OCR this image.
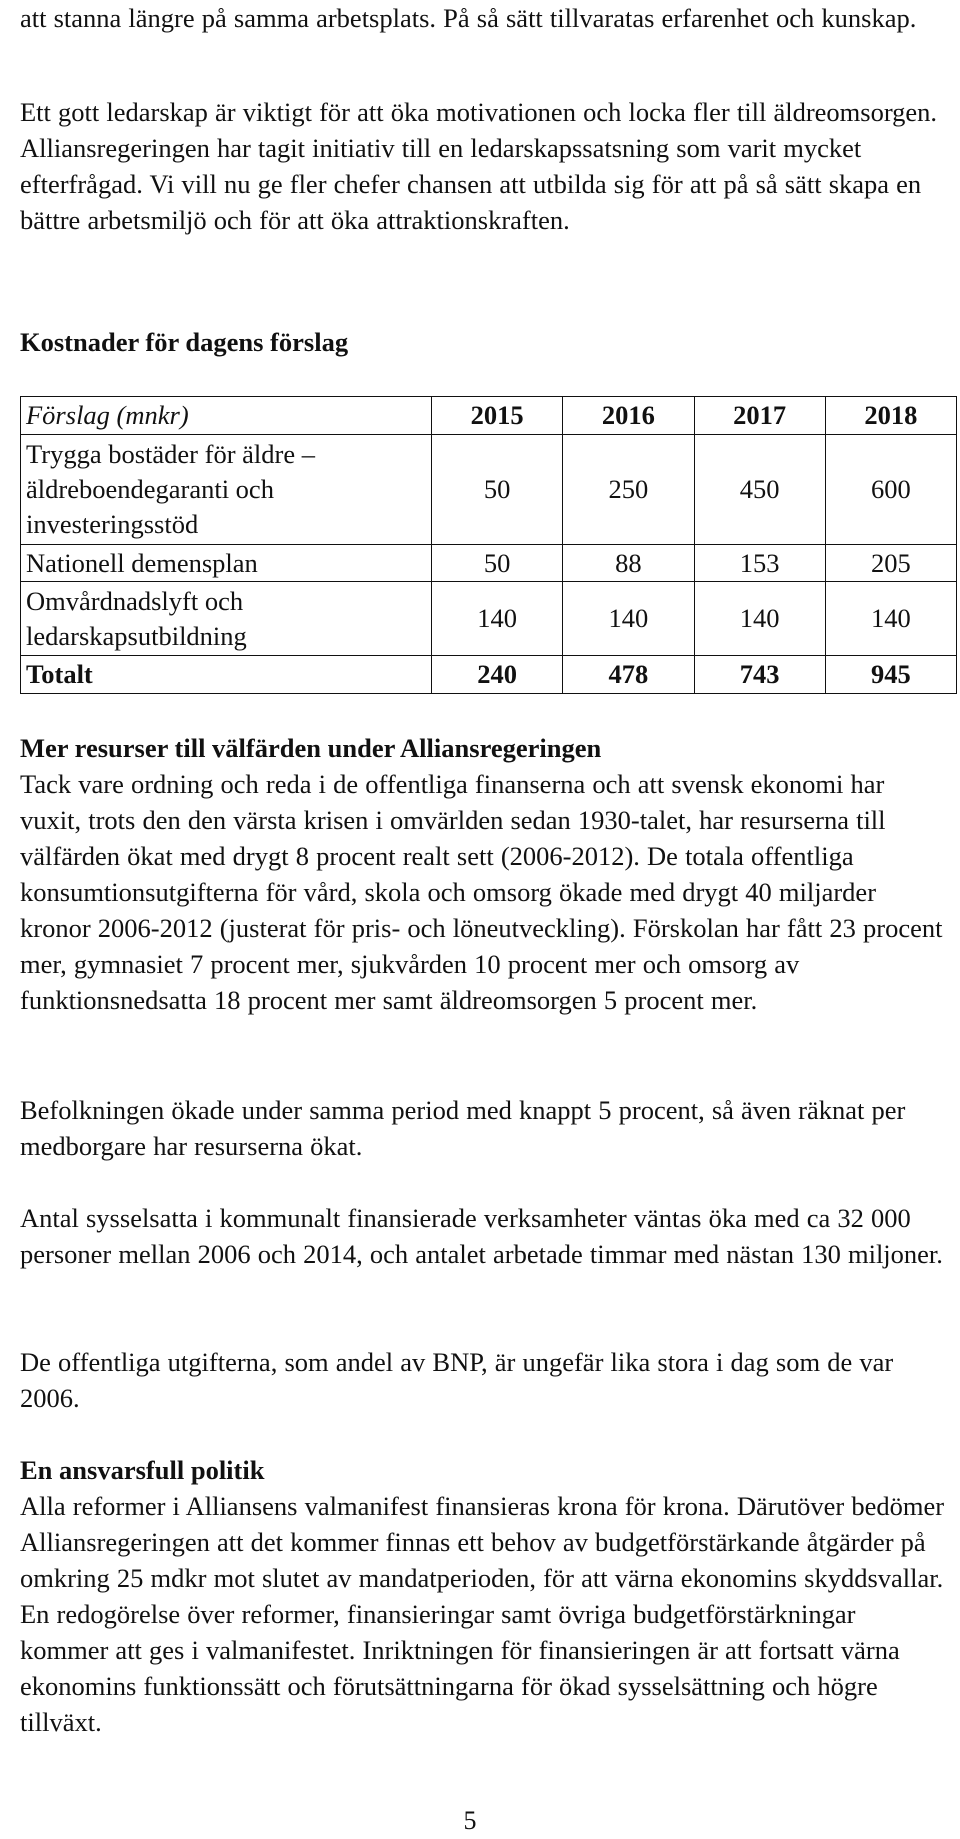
att stanna längre på samma arbetsplats. På så sätt tillvaratas erfarenhet och kunskap.

Ett gott ledarskap är viktigt för att öka motivationen och locka fler till äldreomsorgen. Alliansregeringen har tagit initiativ till en ledarskapssatsning som varit mycket efterfrågad. Vi vill nu ge fler chefer chansen att utbilda sig för att på så sätt skapa en bättre arbetsmiljö och för att öka attraktionskraften.

Kostnader för dagens förslag
Förslag (mnkr)	2015	2016	2017	2018
Trygga bostäder för äldre – äldreboendegaranti och investeringsstöd	50	250	450	600
Nationell demensplan	50	88	153	205
Omvårdnadslyft och ledarskapsutbildning	140	140	140	140
Totalt	240	478	743	945
Mer resurser till välfärden under Alliansregeringen

Tack vare ordning och reda i de offentliga finanserna och att svensk ekonomi har vuxit, trots den den värsta krisen i omvärlden sedan 1930-talet, har resurserna till välfärden ökat med drygt 8 procent realt sett (2006-2012). De totala offentliga konsumtionsutgifterna för vård, skola och omsorg ökade med drygt 40 miljarder kronor 2006-2012 (justerat för pris- och löneutveckling). Förskolan har fått 23 procent mer, gymnasiet 7 procent mer, sjukvården 10 procent mer och omsorg av funktionsnedsatta 18 procent mer samt äldreomsorgen 5 procent mer.

Befolkningen ökade under samma period med knappt 5 procent, så även räknat per medborgare har resurserna ökat.

Antal sysselsatta i kommunalt finansierade verksamheter väntas öka med ca 32 000 personer mellan 2006 och 2014, och antalet arbetade timmar med nästan 130 miljoner.

De offentliga utgifterna, som andel av BNP, är ungefär lika stora i dag som de var 2006.

En ansvarsfull politik

Alla reformer i Alliansens valmanifest finansieras krona för krona. Därutöver bedömer Alliansregeringen att det kommer finnas ett behov av budgetförstärkande åtgärder på omkring 25 mdkr mot slutet av mandatperioden, för att värna ekonomins skyddsvallar. En redogörelse över reformer, finansieringar samt övriga budgetförstärkningar kommer att ges i valmanifestet. Inriktningen för finansieringen är att fortsatt värna ekonomins funktionssätt och förutsättningarna för ökad sysselsättning och högre tillväxt.

5
